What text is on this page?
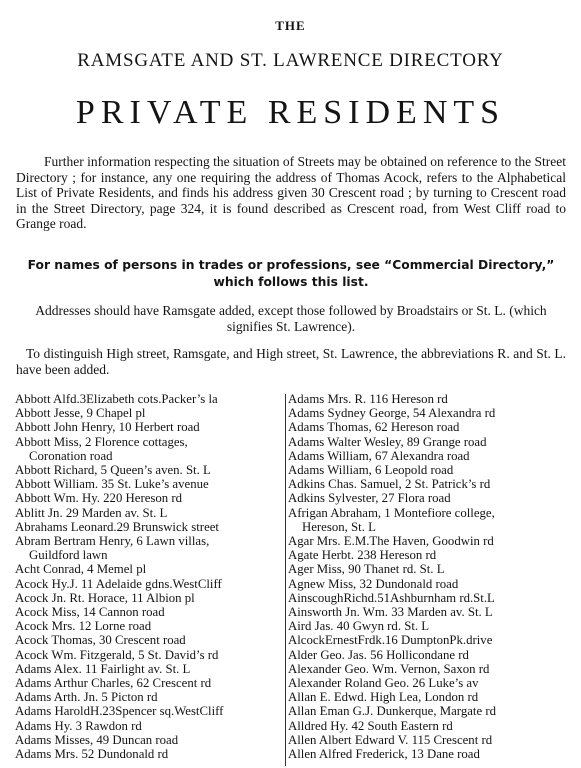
THE
RAMSGATE AND ST. LAWRENCE DIRECTORY
PRIVATE RESIDENTS

Further information respecting the situation of Streets may be obtained on reference to the Street Directory ; for instance, any one requiring the address of Thomas Acock, refers to the Alphabetical List of Private Residents, and finds his address given 30 Crescent road ; by turning to Crescent road in the Street Directory, page 324, it is found described as Crescent road, from West Cliff road to Grange road.

For names of persons in trades or professions, see “Commercial Directory,” which follows this list.

Addresses should have Ramsgate added, except those followed by Broadstairs or St. L. (which signifies St. Lawrence).

To distinguish High street, Ramsgate, and High street, St. Lawrence, the abbreviations R. and St. L. have been added.

Abbott Alfd.3Elizabeth cots.Packer’s la
Abbott Jesse, 9 Chapel pl
Abbott John Henry, 10 Herbert road
Abbott Miss, 2 Florence cottages,
Coronation road
Abbott Richard, 5 Queen’s aven. St. L
Abbott William. 35 St. Luke’s avenue
Abbott Wm. Hy. 220 Hereson rd
Ablitt Jn. 29 Marden av. St. L
Abrahams Leonard.29 Brunswick street
Abram Bertram Henry, 6 Lawn villas,
Guildford lawn
Acht Conrad, 4 Memel pl
Acock Hy.J. 11 Adelaide gdns.WestCliff
Acock Jn. Rt. Horace, 11 Albion pl
Acock Miss, 14 Cannon road
Acock Mrs. 12 Lorne road
Acock Thomas, 30 Crescent road
Acock Wm. Fitzgerald, 5 St. David’s rd
Adams Alex. 11 Fairlight av. St. L
Adams Arthur Charles, 62 Crescent rd
Adams Arth. Jn. 5 Picton rd
Adams HaroldH.23Spencer sq.WestCliff
Adams Hy. 3 Rawdon rd
Adams Misses, 49 Duncan road
Adams Mrs. 52 Dundonald rd
Adams Mrs. R. 116 Hereson rd
Adams Sydney George, 54 Alexandra rd
Adams Thomas, 62 Hereson road
Adams Walter Wesley, 89 Grange road
Adams William, 67 Alexandra road
Adams William, 6 Leopold road
Adkins Chas. Samuel, 2 St. Patrick’s rd
Adkins Sylvester, 27 Flora road
Afrigan Abraham, 1 Montefiore college,
Hereson, St. L
Agar Mrs. E.M.The Haven, Goodwin rd
Agate Herbt. 238 Hereson rd
Ager Miss, 90 Thanet rd. St. L
Agnew Miss, 32 Dundonald road
AinscoughRichd.51Ashburnham rd.St.L
Ainsworth Jn. Wm. 33 Marden av. St. L
Aird Jas. 40 Gwyn rd. St. L
AlcockErnestFrdk.16 DumptonPk.drive
Alder Geo. Jas. 56 Hollicondane rd
Alexander Geo. Wm. Vernon, Saxon rd
Alexander Roland Geo. 26 Luke’s av
Allan E. Edwd. High Lea, London rd
Allan Eman G.J. Dunkerque, Margate rd
Alldred Hy. 42 South Eastern rd
Allen Albert Edward V. 115 Crescent rd
Allen Alfred Frederick, 13 Dane road
